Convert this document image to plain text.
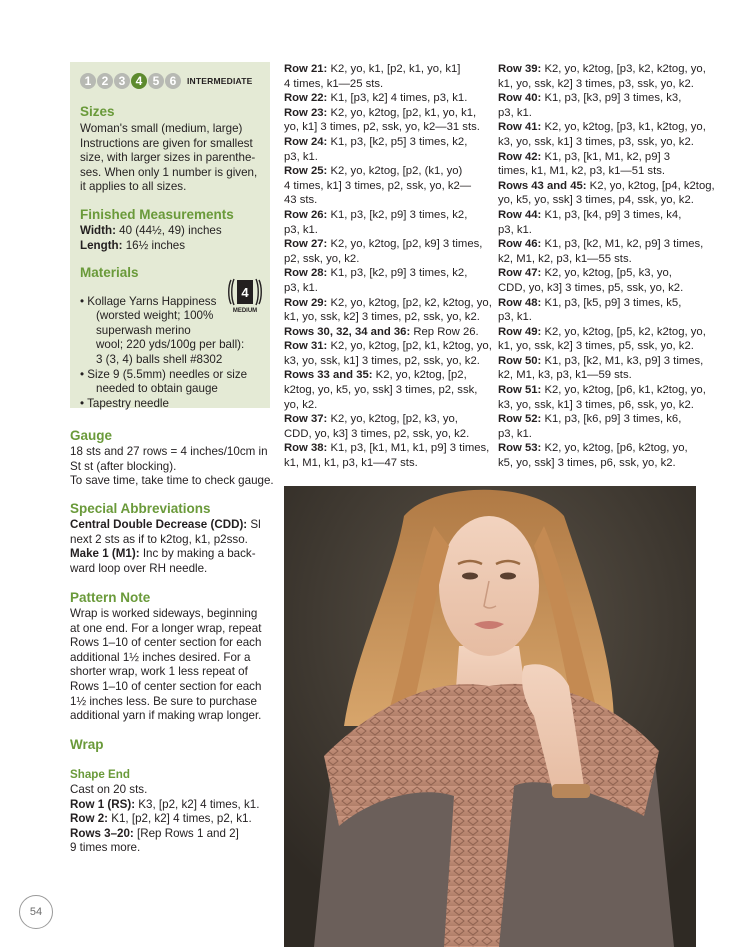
1 2 3 4 5 6	INTERMEDIATE
Sizes

Woman's small (medium, large)

Instructions are given for smallest

size, with larger sizes in parenthe-

ses. When only 1 number is given,

it applies to all sizes.

Finished Measurements

Width: 40 (44½, 49) inches

Length: 16½ inches

Materials

• Kollage Yarns Happiness

(worsted weight; 100%

superwash merino

wool; 220 yds/100g per ball):

3 (3, 4) balls shell #8302

• Size 9 (5.5mm) needles or size

needed to obtain gauge

• Tapestry needle

4
MEDIUM
Gauge

18 sts and 27 rows = 4 inches/10cm in

St st (after blocking).

To save time, take time to check gauge.

Special Abbreviations

Central Double Decrease (CDD): Sl

next 2 sts as if to k2tog, k1, p2sso.

Make 1 (M1): Inc by making a back-

ward loop over RH needle.

Pattern Note

Wrap is worked sideways, beginning

at one end. For a longer wrap, repeat

Rows 1–10 of center section for each

additional 1½ inches desired. For a

shorter wrap, work 1 less repeat of

Rows 1–10 of center section for each

1½ inches less. Be sure to purchase

additional yarn if making wrap longer.

Wrap
Shape End

Cast on 20 sts.

Row 1 (RS): K3, [p2, k2] 4 times, k1.

Row 2: K1, [p2, k2] 4 times, p2, k1.

Rows 3–20: [Rep Rows 1 and 2]

9 times more.

Row 21: K2, yo, k1, [p2, k1, yo, k1]

4 times, k1—25 sts.

Row 22: K1, [p3, k2] 4 times, p3, k1.

Row 23: K2, yo, k2tog, [p2, k1, yo, k1,

yo, k1] 3 times, p2, ssk, yo, k2—31 sts.

Row 24: K1, p3, [k2, p5] 3 times, k2,

p3, k1.

Row 25: K2, yo, k2tog, [p2, (k1, yo)

4 times, k1] 3 times, p2, ssk, yo, k2—

43 sts.

Row 26: K1, p3, [k2, p9] 3 times, k2,

p3, k1.

Row 27: K2, yo, k2tog, [p2, k9] 3 times,

p2, ssk, yo, k2.

Row 28: K1, p3, [k2, p9] 3 times, k2,

p3, k1.

Row 29: K2, yo, k2tog, [p2, k2, k2tog, yo,

k1, yo, ssk, k2] 3 times, p2, ssk, yo, k2.

Rows 30, 32, 34 and 36: Rep Row 26.

Row 31: K2, yo, k2tog, [p2, k1, k2tog, yo,

k3, yo, ssk, k1] 3 times, p2, ssk, yo, k2.

Rows 33 and 35: K2, yo, k2tog, [p2,

k2tog, yo, k5, yo, ssk] 3 times, p2, ssk,

yo, k2.

Row 37: K2, yo, k2tog, [p2, k3, yo,

CDD, yo, k3] 3 times, p2, ssk, yo, k2.

Row 38: K1, p3, [k1, M1, k1, p9] 3 times,

k1, M1, k1, p3, k1—47 sts.

Row 39: K2, yo, k2tog, [p3, k2, k2tog, yo,

k1, yo, ssk, k2] 3 times, p3, ssk, yo, k2.

Row 40: K1, p3, [k3, p9] 3 times, k3,

p3, k1.

Row 41: K2, yo, k2tog, [p3, k1, k2tog, yo,

k3, yo, ssk, k1] 3 times, p3, ssk, yo, k2.

Row 42: K1, p3, [k1, M1, k2, p9] 3

times, k1, M1, k2, p3, k1—51 sts.

Rows 43 and 45: K2, yo, k2tog, [p4, k2tog,

yo, k5, yo, ssk] 3 times, p4, ssk, yo, k2.

Row 44: K1, p3, [k4, p9] 3 times, k4,

p3, k1.

Row 46: K1, p3, [k2, M1, k2, p9] 3 times,

k2, M1, k2, p3, k1—55 sts.

Row 47: K2, yo, k2tog, [p5, k3, yo,

CDD, yo, k3] 3 times, p5, ssk, yo, k2.

Row 48: K1, p3, [k5, p9] 3 times, k5,

p3, k1.

Row 49: K2, yo, k2tog, [p5, k2, k2tog, yo,

k1, yo, ssk, k2] 3 times, p5, ssk, yo, k2.

Row 50: K1, p3, [k2, M1, k3, p9] 3 times,

k2, M1, k3, p3, k1—59 sts.

Row 51: K2, yo, k2tog, [p6, k1, k2tog, yo,

k3, yo, ssk, k1] 3 times, p6, ssk, yo, k2.

Row 52: K1, p3, [k6, p9] 3 times, k6,

p3, k1.

Row 53: K2, yo, k2tog, [p6, k2tog, yo,

k5, yo, ssk] 3 times, p6, ssk, yo, k2.

54
